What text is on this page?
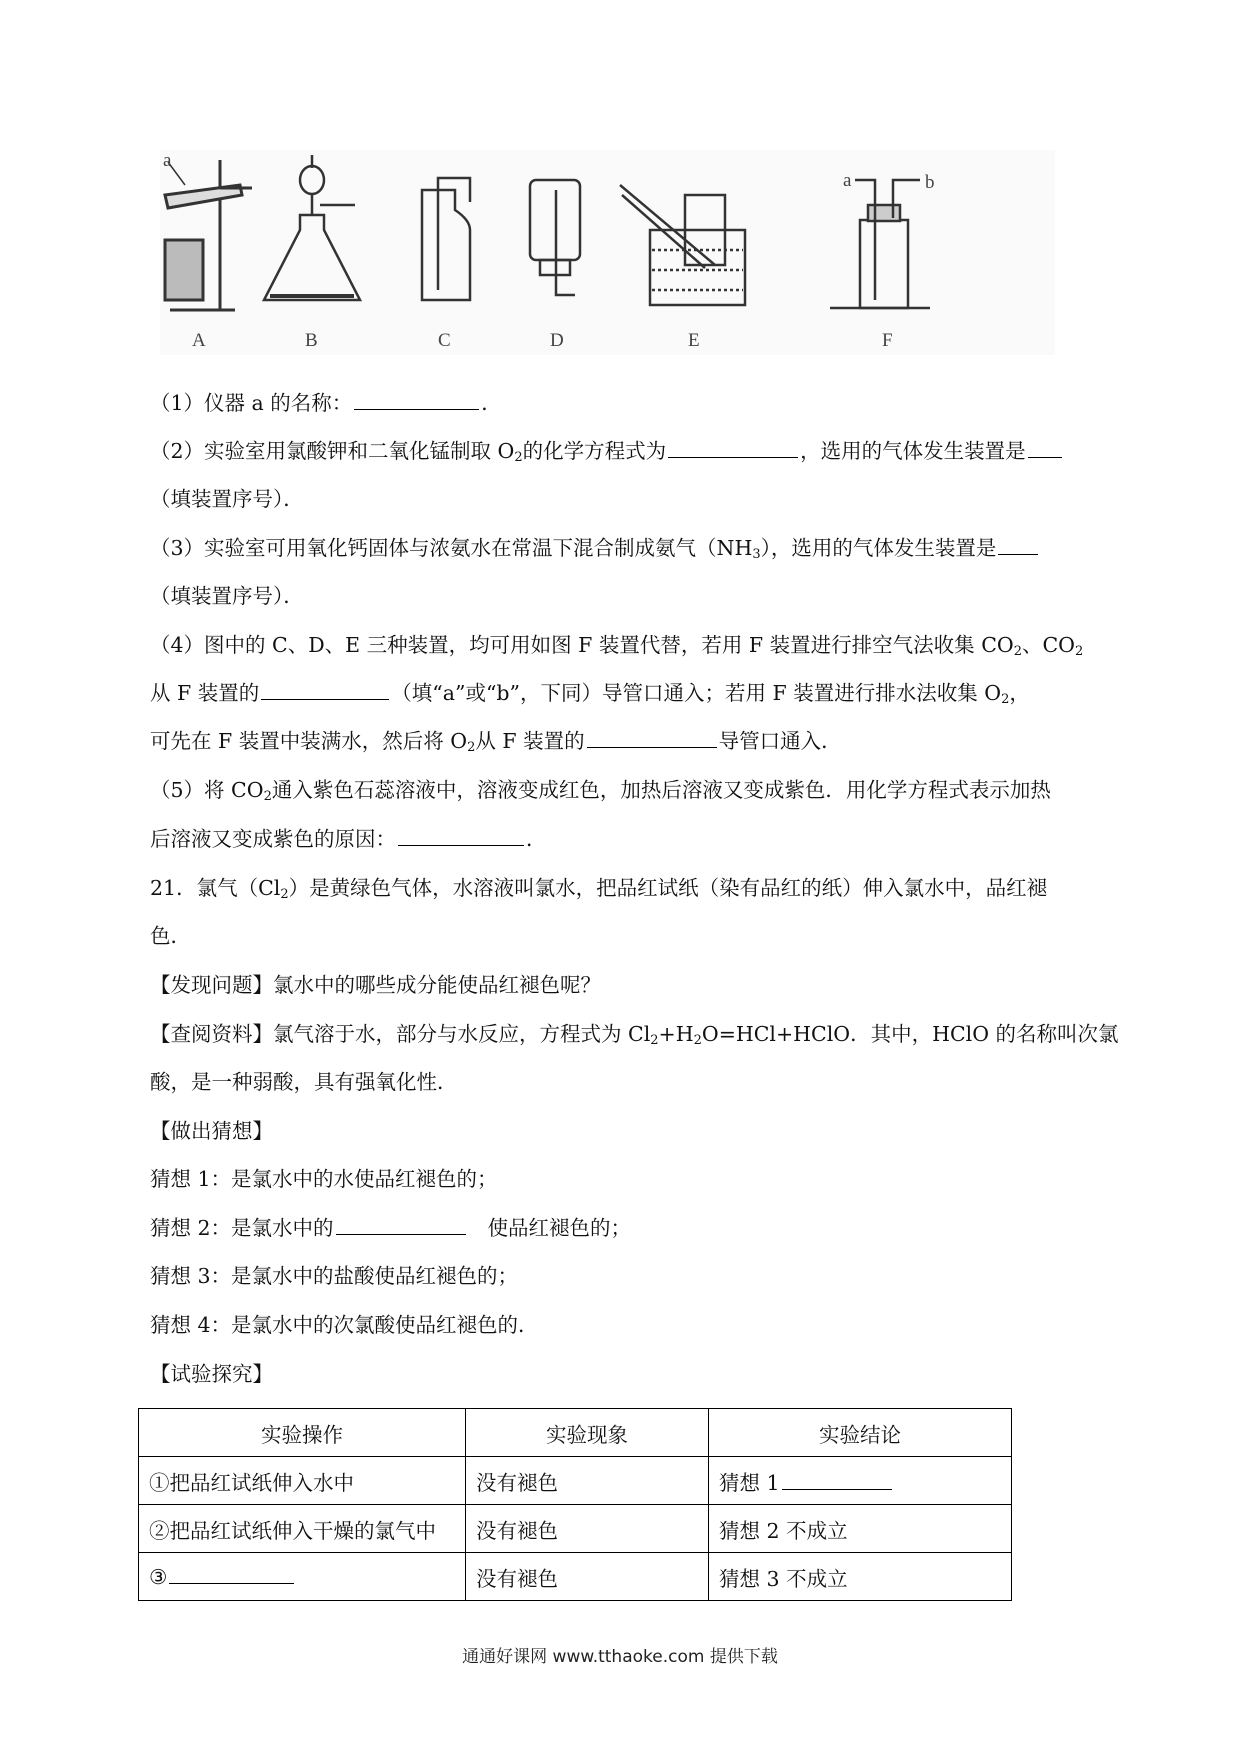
a
a	b
A	B	C	D	E	F
（1）仪器 a 的名称：	．
（2）实验室用氯酸钾和二氧化锰制取 $O_2$的化学方程式为	，选用的气体发生装置是
（填装置序号）．
（3）实验室可用氧化钙固体与浓氨水在常温下混合制成氨气$(NH_3)$，选用的气体发生装置是
（填装置序号）．
（4）图中的 C、D、E 三种装置，均可用如图 F 装置代替，若用 F 装置进行排空气法收集 $CO_2$、$CO_2$
从 F 装置的	（填“a”或“b”，下同）导管口通入；若用 F 装置进行排水法收集 $O_2$，
可先在 F 装置中装满水，然后将 $O_2$从 F 装置的	导管口通入．
（5）将 $CO_2$通入紫色石蕊溶液中，溶液变成红色，加热后溶液又变成紫色．用化学方程式表示加热
后溶液又变成紫色的原因：	．
21．氯气$(Cl_2)$是黄绿色气体，水溶液叫氯水，把品红试纸（染有品红的纸）伸入氯水中，品红褪
色．
【发现问题】氯水中的哪些成分能使品红褪色呢？
【查阅资料】氯气溶于水，部分与水反应，方程式为 $Cl_2+H_2O=HCl+HClO$．其中，HClO 的名称叫次氯
酸，是一种弱酸，具有强氧化性．
【做出猜想】
猜想 1：是氯水中的水使品红褪色的；
猜想 2：是氯水中的	使品红褪色的；
猜想 3：是氯水中的盐酸使品红褪色的；
猜想 4：是氯水中的次氯酸使品红褪色的．
【试验探究】
实验操作	实验现象	实验结论
①把品红试纸伸入水中	没有褪色	猜想 1
②把品红试纸伸入干燥的氯气中	没有褪色	猜想 2 不成立
③	没有褪色	猜想 3 不成立
通通好课网 www.tthaoke.com 提供下载
